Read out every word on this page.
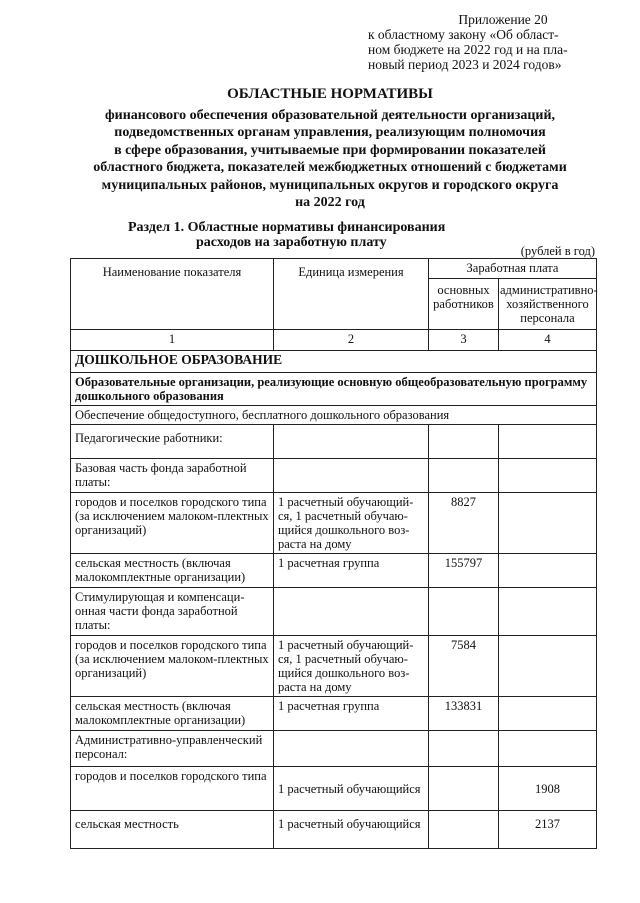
Приложение 20
к областному закону «Об област-
ном бюджете на 2022 год и на пла-
новый период 2023 и 2024 годов»
ОБЛАСТНЫЕ НОРМАТИВЫ
финансового обеспечения образовательной деятельности организаций,
подведомственных органам управления, реализующим полномочия
в сфере образования, учитываемые при формировании показателей
областного бюджета, показателей межбюджетных отношений с бюджетами
муниципальных районов, муниципальных округов и городского округа
на 2022 год
Раздел 1. Областные нормативы финансирования
расходов на заработную плату
(рублей в год)
Наименование показателя	Единица измерения	Заработная плата	
		основных работников	административно-хозяйственного персонала
1	2	3	4
ДОШКОЛЬНОЕ ОБРАЗОВАНИЕ			
Образовательные организации, реализующие основную общеобразовательную программу дошкольного образования			
Обеспечение общедоступного, бесплатного дошкольного образования			
Педагогические работники:			
Базовая часть фонда заработной платы:			
городов и поселков городского типа (за исключением малоком-плектных организаций)	1 расчетный обучающий-ся, 1 расчетный обучаю-щийся дошкольного воз-раста на дому	8827	
сельская местность (включая малокомплектные организации)	1 расчетная группа	155797	
Стимулирующая и компенсаци-онная части фонда заработной платы:			
городов и поселков городского типа (за исключением малоком-плектных организаций)	1 расчетный обучающий-ся, 1 расчетный обучаю-щийся дошкольного воз-раста на дому	7584	
сельская местность (включая малокомплектные организации)	1 расчетная группа	133831	
Административно-управленческий персонал:			
городов и поселков городского типа	1 расчетный обучающийся		1908
сельская местность	1 расчетный обучающийся		2137
